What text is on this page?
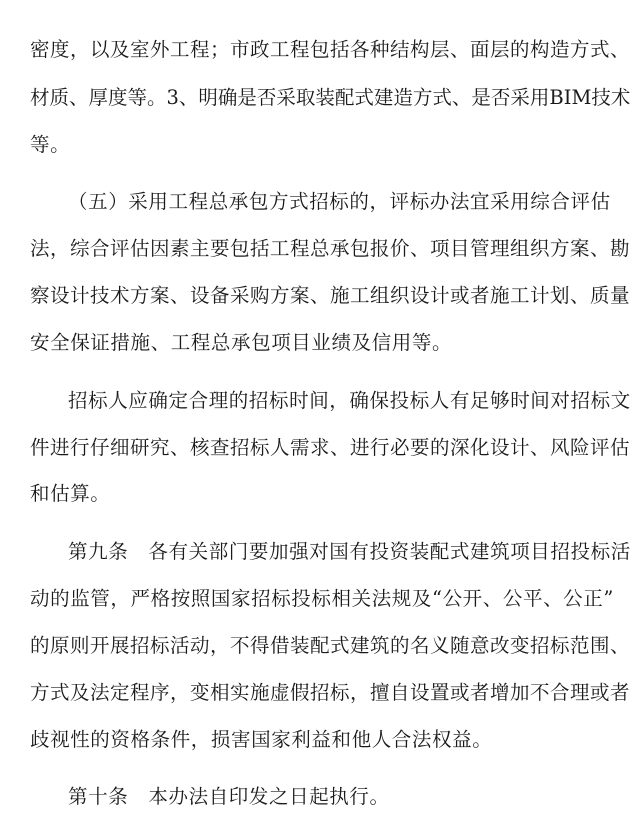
密度，以及室外工程；市政工程包括各种结构层、面层的构造方式、
材质、厚度等。3、明确是否采取装配式建造方式、是否采用BIM技术
等。
（五）采用工程总承包方式招标的，评标办法宜采用综合评估
法，综合评估因素主要包括工程总承包报价、项目管理组织方案、勘
察设计技术方案、设备采购方案、施工组织设计或者施工计划、质量
安全保证措施、工程总承包项目业绩及信用等。
招标人应确定合理的招标时间，确保投标人有足够时间对招标文
件进行仔细研究、核查招标人需求、进行必要的深化设计、风险评估
和估算。
第九条　各有关部门要加强对国有投资装配式建筑项目招投标活
动的监管，严格按照国家招标投标相关法规及“公开、公平、公正”
的原则开展招标活动，不得借装配式建筑的名义随意改变招标范围、
方式及法定程序，变相实施虚假招标，擅自设置或者增加不合理或者
歧视性的资格条件，损害国家利益和他人合法权益。
第十条　本办法自印发之日起执行。
